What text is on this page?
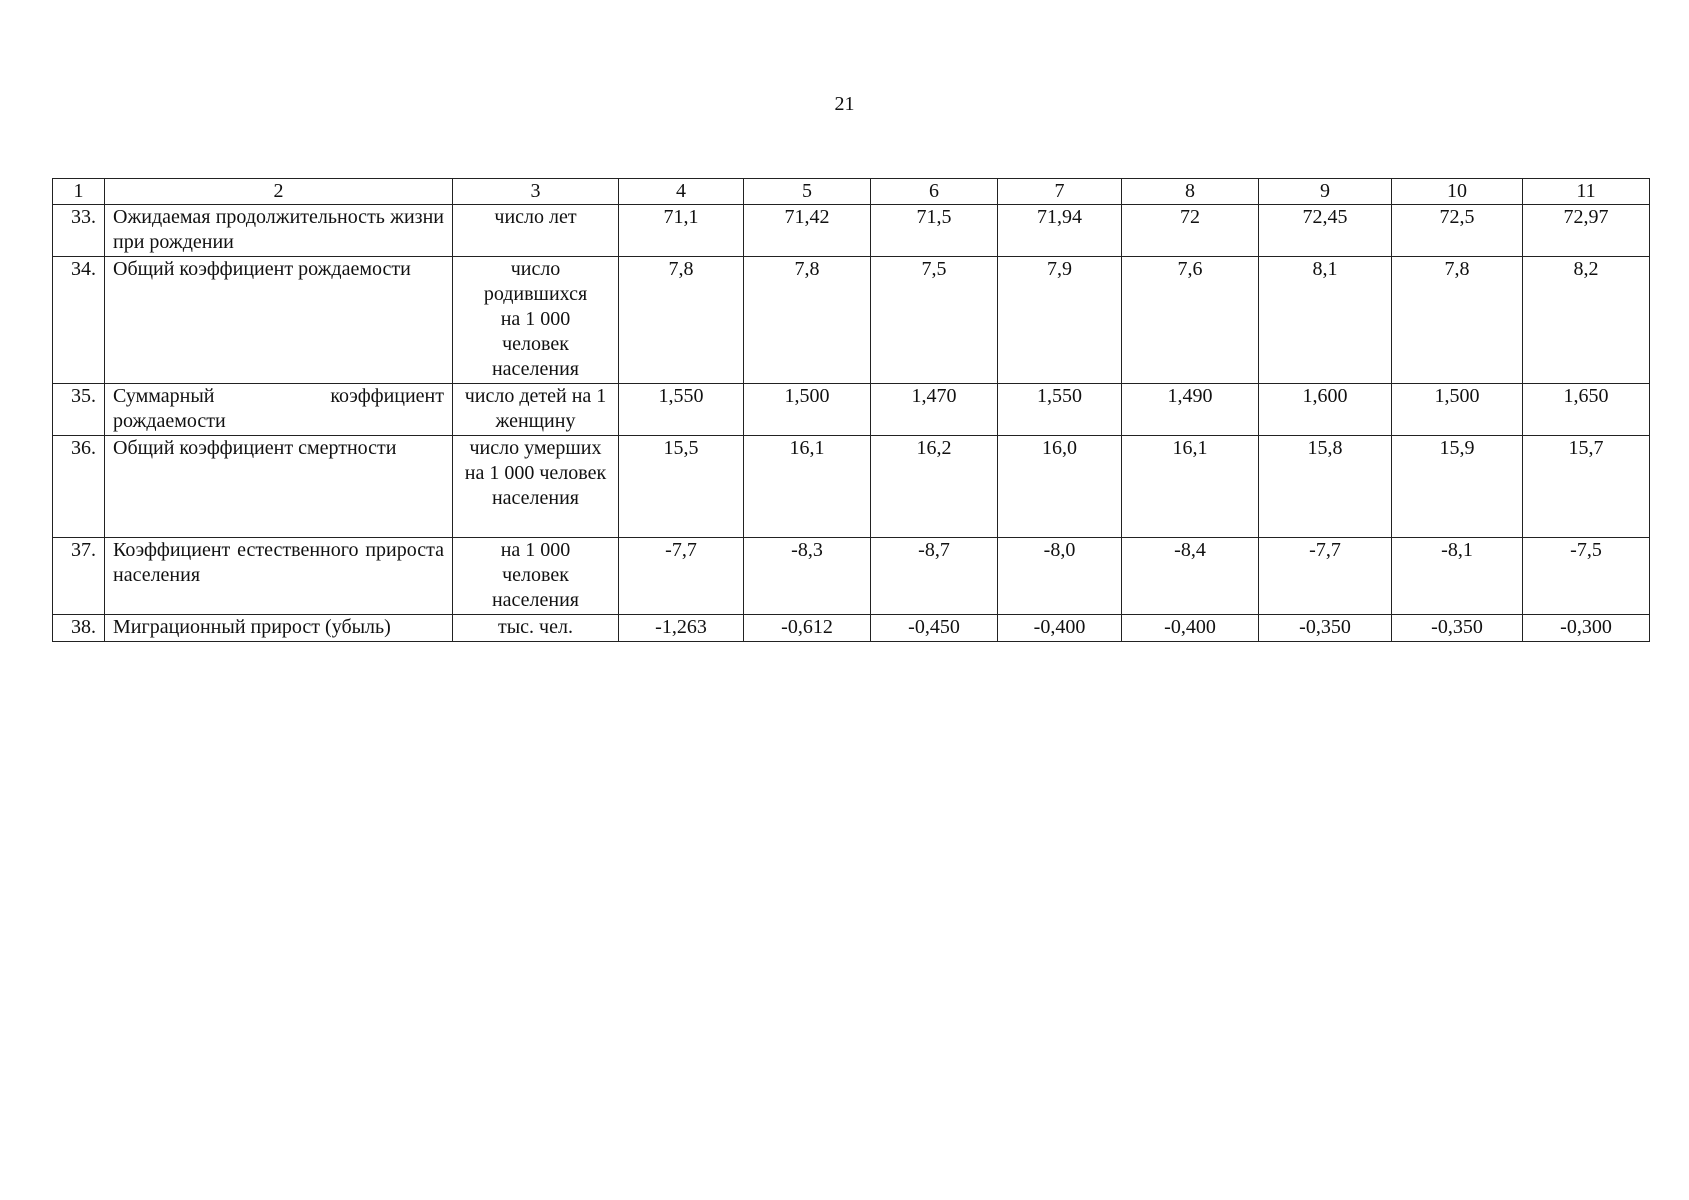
21
1	2	3	4	5	6	7	8	9	10	11
33.	Ожидаемая продолжительность жизни при рождении	число лет	71,1	71,42	71,5	71,94	72	72,45	72,5	72,97
34.	Общий коэффициент рождаемости	число родившихся на 1 000 человек населения	7,8	7,8	7,5	7,9	7,6	8,1	7,8	8,2
35.	Суммарный коэффициент рождаемости	число детей на 1 женщину	1,550	1,500	1,470	1,550	1,490	1,600	1,500	1,650
36.	Общий коэффициент смертности	число умерших на 1 000 человек населения	15,5	16,1	16,2	16,0	16,1	15,8	15,9	15,7
37.	Коэффициент естественного прироста населения	на 1 000 человек населения	-7,7	-8,3	-8,7	-8,0	-8,4	-7,7	-8,1	-7,5
38.	Миграционный прирост (убыль)	тыс. чел.	-1,263	-0,612	-0,450	-0,400	-0,400	-0,350	-0,350	-0,300
